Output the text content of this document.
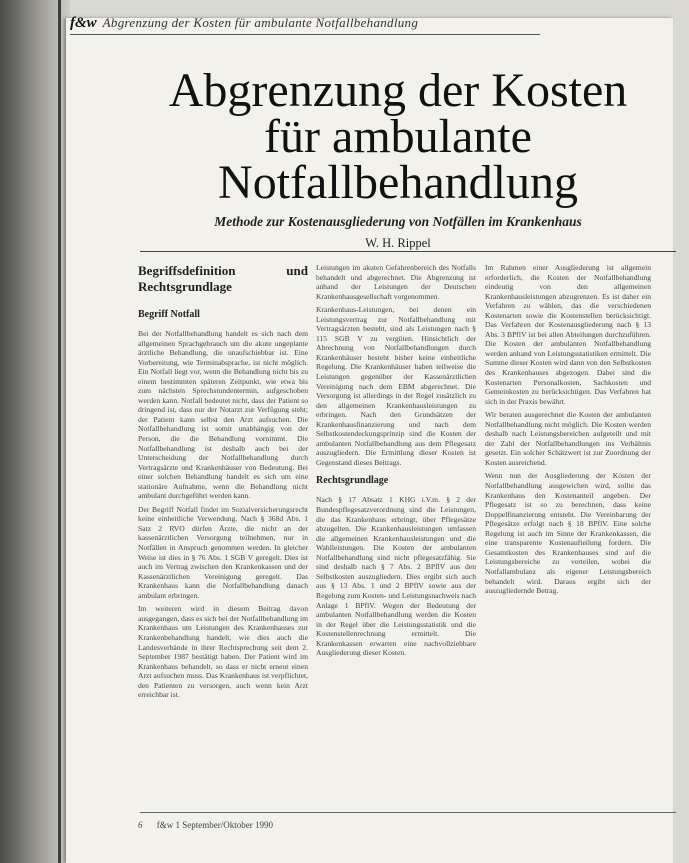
f&w Abgrenzung der Kosten für ambulante Notfallbehandlung
Abgrenzung der Kosten
für ambulante
Notfallbehandlung
Methode zur Kostenausgliederung von Notfällen im Krankenhaus
W. H. Rippel
Begriffsdefinition und Rechtsgrundlage
Begriff Notfall

Bei der Notfallbehandlung handelt es sich nach dem allgemeinen Sprachgebrauch um die akute ungeplante ärztliche Behandlung, die unaufschiebbar ist. Eine Vorbereitung, wie Terminabsprache, ist nicht möglich. Ein Notfall liegt vor, wenn die Behandlung nicht bis zu einem bestimmten späteren Zeitpunkt, wie etwa bis zum nächsten Sprechstundentermin, aufgeschoben werden kann. Notfall bedeutet nicht, dass der Patient so dringend ist, dass nur der Notarzt zur Verfügung steht; der Patient kann selbst den Arzt aufsuchen. Die Notfallbehandlung ist somit unabhängig von der Person, die die Behandlung vornimmt. Die Notfallbehandlung ist deshalb auch bei der Unterscheidung der Notfallbehandlung durch Vertragsärzte und Krankenhäuser von Bedeutung. Bei einer solchen Behandlung handelt es sich um eine stationäre Aufnahme, wenn die Behandlung nicht ambulant durchgeführt werden kann.

Der Begriff Notfall findet im Sozialversicherungsrecht keine einheitliche Verwendung. Nach § 368d Abs. 1 Satz 2 RVO dürfen Ärzte, die nicht an der kassenärztlichen Versorgung teilnehmen, nur in Notfällen in Anspruch genommen werden. In gleicher Weise ist dies in § 76 Abs. 1 SGB V geregelt. Dies ist auch im Vertrag zwischen den Krankenkassen und der Kassenärztlichen Vereinigung geregelt. Das Krankenhaus kann die Notfallbehandlung danach ambulant erbringen.

Im weiteren wird in diesem Beitrag davon ausgegangen, dass es sich bei der Notfallbehandlung im Krankenhaus um Leistungen des Krankenhauses zur Krankenbehandlung handelt, wie dies auch die Landesverbände in ihrer Rechtsprechung seit dem 2. September 1987 bestätigt haben. Der Patient wird im Krankenhaus behandelt, so dass er nicht erneut einen Arzt aufsuchen muss. Das Krankenhaus ist verpflichtet, den Patienten zu versorgen, auch wenn kein Arzt erreichbar ist.

Leistungen im akuten Gefahrenbereich des Notfalls behandelt und abgerechnet. Die Abgrenzung ist anhand der Leistungen der Deutschen Krankenhausgesellschaft vorgenommen.

Krankenhaus-Leistungen, bei denen ein Leistungsvertrag zur Notfallbehandlung mit Vertragsärzten besteht, sind als Leistungen nach § 115 SGB V zu vergüten. Hinsichtlich der Abrechnung von Notfallbehandlungen durch Krankenhäuser besteht bisher keine einheitliche Regelung. Die Krankenhäuser haben teilweise die Leistungen gegenüber der Kassenärztlichen Vereinigung nach dem EBM abgerechnet. Die Versorgung ist allerdings in der Regel zusätzlich zu den allgemeinen Krankenhausleistungen zu erbringen. Nach den Grundsätzen der Krankenhausfinanzierung und nach dem Selbstkostendeckungsprinzip sind die Kosten der ambulanten Notfallbehandlung aus dem Pflegesatz auszugliedern. Die Ermittlung dieser Kosten ist Gegenstand dieses Beitrags.

Rechtsgrundlage

Nach § 17 Absatz 1 KHG i.V.m. § 2 der Bundespflegesatzverordnung sind die Leistungen, die das Krankenhaus erbringt, über Pflegesätze abzugelten. Die Krankenhausleistungen umfassen die allgemeinen Krankenhausleistungen und die Wahlleistungen. Die Kosten der ambulanten Notfallbehandlung sind nicht pflegesatzfähig. Sie sind deshalb nach § 7 Abs. 2 BPflV aus den Selbstkosten auszugliedern. Dies ergibt sich auch aus § 13 Abs. 1 und 2 BPflV sowie aus der Regelung zum Kosten- und Leistungsnachweis nach Anlage 1 BPflV. Wegen der Bedeutung der ambulanten Notfallbehandlung werden die Kosten in der Regel über die Leistungsstatistik und die Kostenstellenrechnung ermittelt. Die Krankenkassen erwarten eine nachvollziehbare Ausgliederung dieser Kosten.

Im Rahmen einer Ausgliederung ist allgemein erforderlich, die Kosten der Notfallbehandlung eindeutig von den allgemeinen Krankenhausleistungen abzugrenzen. Es ist daher ein Verfahren zu wählen, das die verschiedenen Kostenarten sowie die Kostenstellen berücksichtigt. Das Verfahren der Kostenausgliederung nach § 13 Abs. 3 BPflV ist bei allen Abteilungen durchzuführen. Die Kosten der ambulanten Notfallbehandlung werden anhand von Leistungsstatistiken ermittelt. Die Summe dieser Kosten wird dann von den Selbstkosten des Krankenhauses abgezogen. Dabei sind die Kostenarten Personalkosten, Sachkosten und Gemeinkosten zu berücksichtigen. Das Verfahren hat sich in der Praxis bewährt.

Wir beraten ausgerechnet die Kosten der ambulanten Notfallbehandlung nicht möglich. Die Kosten werden deshalb nach Leistungsbereichen aufgeteilt und mit der Zahl der Notfallbehandlungen ins Verhältnis gesetzt. Ein solcher Schätzwert ist zur Zuordnung der Kosten ausreichend.

Wenn nun der Ausgliederung der Kosten der Notfallbehandlung ausgewichen wird, sollte das Krankenhaus den Kostenanteil angeben. Der Pflegesatz ist so zu berechnen, dass keine Doppelfinanzierung entsteht. Die Vereinbarung der Pflegesätze erfolgt nach § 18 BPflV. Eine solche Regelung ist auch im Sinne der Krankenkassen, die eine transparente Kostenaufteilung fordern. Die Gesamtkosten des Krankenhauses sind auf die Leistungsbereiche zu verteilen, wobei die Notfallambulanz als eigener Leistungsbereich behandelt wird. Daraus ergibt sich der auszugliedernde Betrag.

6 f&w 1 September/Oktober 1990
